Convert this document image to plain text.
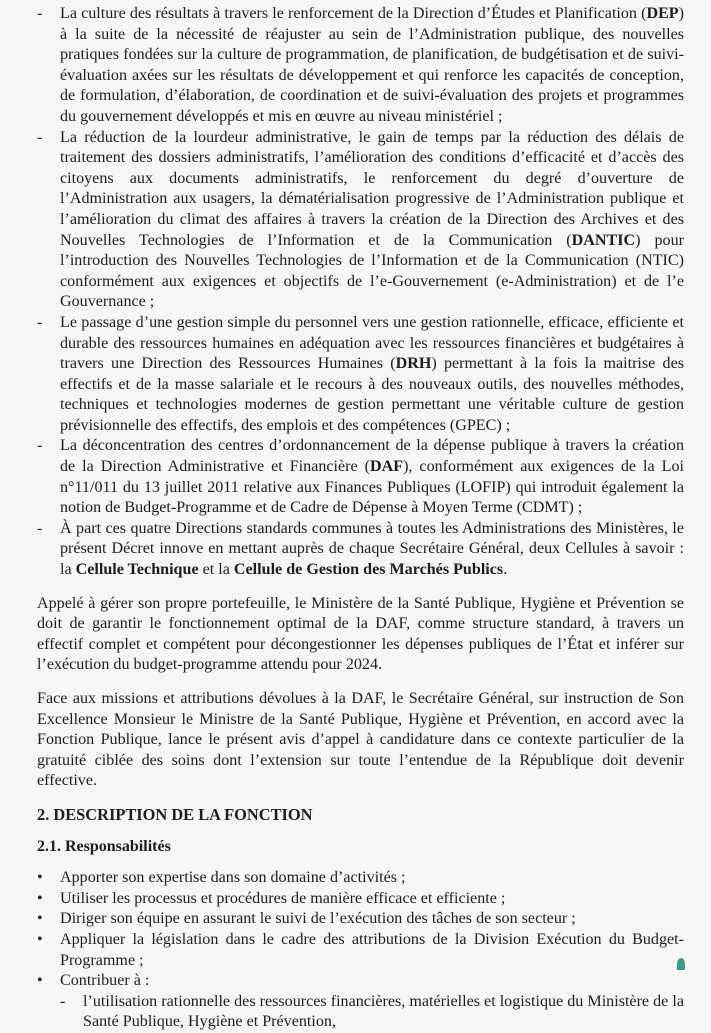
- La culture des résultats à travers le renforcement de la Direction d’Études et Planification (DEP) à la suite de la nécessité de réajuster au sein de l’Administration publique, des nouvelles pratiques fondées sur la culture de programmation, de planification, de budgétisation et de suivi-évaluation axées sur les résultats de développement et qui renforce les capacités de conception, de formulation, d’élaboration, de coordination et de suivi-évaluation des projets et programmes du gouvernement développés et mis en œuvre au niveau ministériel ;
- La réduction de la lourdeur administrative, le gain de temps par la réduction des délais de traitement des dossiers administratifs, l’amélioration des conditions d’efficacité et d’accès des citoyens aux documents administratifs, le renforcement du degré d’ouverture de l’Administration aux usagers, la dématérialisation progressive de l’Administration publique et l’amélioration du climat des affaires à travers la création de la Direction des Archives et des Nouvelles Technologies de l’Information et de la Communication (DANTIC) pour l’introduction des Nouvelles Technologies de l’Information et de la Communication (NTIC) conformément aux exigences et objectifs de l’e-Gouvernement (e-Administration) et de l’e Gouvernance ;
- Le passage d’une gestion simple du personnel vers une gestion rationnelle, efficace, efficiente et durable des ressources humaines en adéquation avec les ressources financières et budgétaires à travers une Direction des Ressources Humaines (DRH) permettant à la fois la maitrise des effectifs et de la masse salariale et le recours à des nouveaux outils, des nouvelles méthodes, techniques et technologies modernes de gestion permettant une véritable culture de gestion prévisionnelle des effectifs, des emplois et des compétences (GPEC) ;
- La déconcentration des centres d’ordonnancement de la dépense publique à travers la création de la Direction Administrative et Financière (DAF), conformément aux exigences de la Loi n°11/011 du 13 juillet 2011 relative aux Finances Publiques (LOFIP) qui introduit également la notion de Budget-Programme et de Cadre de Dépense à Moyen Terme (CDMT) ;
- À part ces quatre Directions standards communes à toutes les Administrations des Ministères, le présent Décret innove en mettant auprès de chaque Secrétaire Général, deux Cellules à savoir : la Cellule Technique et la Cellule de Gestion des Marchés Publics.

Appelé à gérer son propre portefeuille, le Ministère de la Santé Publique, Hygiène et Prévention se doit de garantir le fonctionnement optimal de la DAF, comme structure standard, à travers un effectif complet et compétent pour décongestionner les dépenses publiques de l’État et inférer sur l’exécution du budget-programme attendu pour 2024.

Face aux missions et attributions dévolues à la DAF, le Secrétaire Général, sur instruction de Son Excellence Monsieur le Ministre de la Santé Publique, Hygiène et Prévention, en accord avec la Fonction Publique, lance le présent avis d’appel à candidature dans ce contexte particulier de la gratuité ciblée des soins dont l’extension sur toute l’entendue de la République doit devenir effective.

2. DESCRIPTION DE LA FONCTION
2.1. Responsabilités
• Apporter son expertise dans son domaine d’activités ;
• Utiliser les processus et procédures de manière efficace et efficiente ;
• Diriger son équipe en assurant le suivi de l’exécution des tâches de son secteur ;
• Appliquer la législation dans le cadre des attributions de la Division Exécution du Budget-Programme ;
• Contribuer à :
- l’utilisation rationnelle des ressources financières, matérielles et logistique du Ministère de la Santé Publique, Hygiène et Prévention,
